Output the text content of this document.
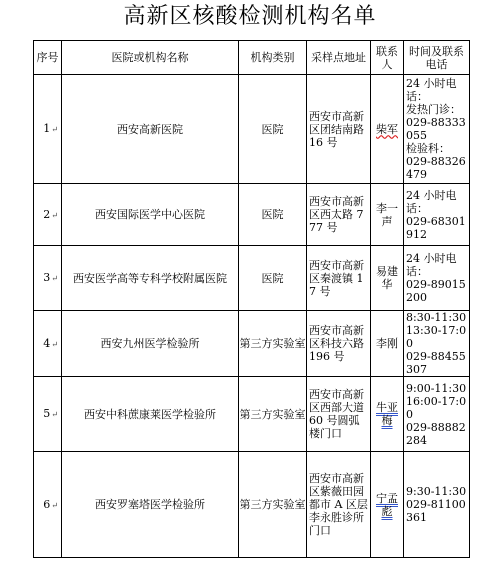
高新区核酸检测机构名单
序号	医院或机构名称	机构类别	采样点地址	联系人	时间及联系电话
1↵	西安高新医院	医院	西安市高新区团结南路 16 号	柴军	24 小时电话：
发热门诊：
029-88333055
检验科：
029-88326479

2↵	西安国际医学中心医院	医院	西安市高新区西太路 777 号	李一声	24 小时电话：
029-68301912

3↵	西安医学高等专科学校附属医院	医院	西安市高新区秦渡镇 17 号	易建华	24 小时电话：
029-89015200

4↵	西安九州医学检验所	第三方实验室	西安市高新区科技六路 196 号	李刚	8:30-11:30
13:30-17:00
029-88455307

5↵	西安中科蔗康莱医学检验所	第三方实验室	西安市高新区西部大道 60 号圆弧楼门口	牛亚梅	9:00-11:30
16:00-17:00
029-88882284

6↵	西安罗塞塔医学检验所	第三方实验室	西安市高新区紫薇田园都市 A 区层李永胜诊所门口	宁孟彪	9:30-11:30
029-81100361
